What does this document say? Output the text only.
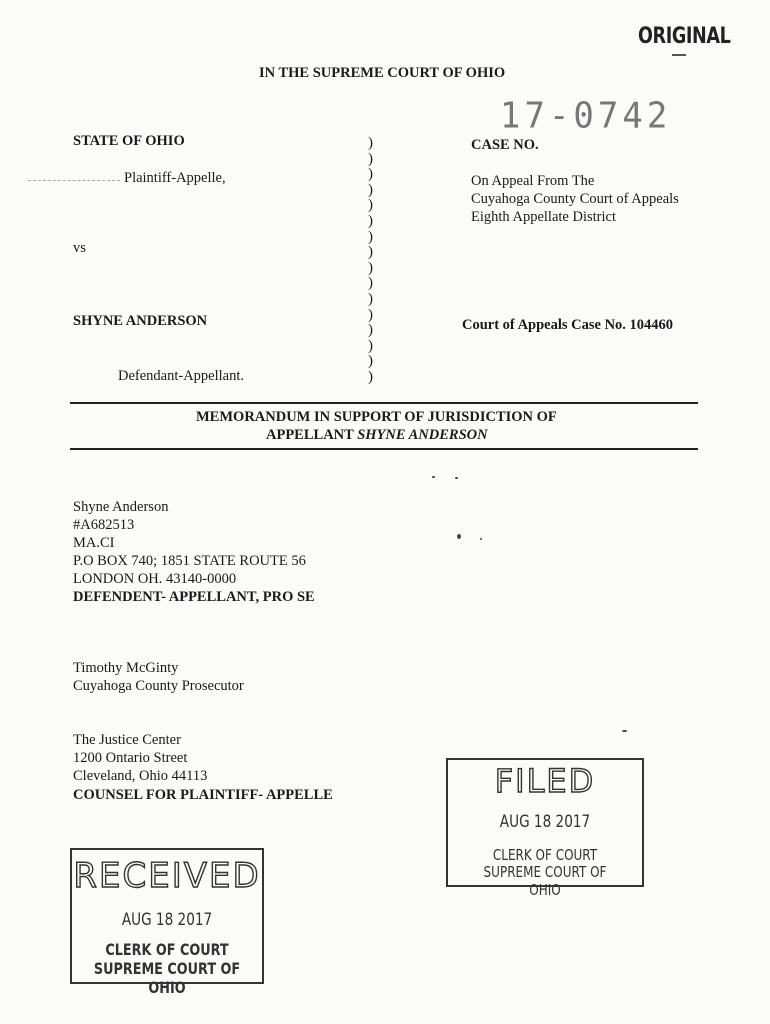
ORIGINAL
IN THE SUPREME COURT OF OHIO
17-0742
STATE OF OHIO
Plaintiff-Appelle,
vs
SHYNE ANDERSON
Defendant-Appellant.
)
)
)
)
)
)
)
)
)
)
)
)
)
)
)
)
CASE NO.
On Appeal From The
Cuyahoga County Court of Appeals
Eighth Appellate District
Court of Appeals Case No. 104460
MEMORANDUM IN SUPPORT OF JURISDICTION OF
APPELLANT SHYNE ANDERSON
Shyne Anderson
#A682513
MA.CI
P.O BOX 740; 1851 STATE ROUTE 56
LONDON OH. 43140-0000
DEFENDENT- APPELLANT, PRO SE
Timothy McGinty
Cuyahoga County Prosecutor
The Justice Center
1200 Ontario Street
Cleveland, Ohio 44113
COUNSEL FOR PLAINTIFF- APPELLE	FILED
AUG 18 2017
CLERK OF COURT
SUPREME COURT OF OHIO
RECEIVED
AUG 18 2017
CLERK OF COURT
SUPREME COURT OF OHIO
